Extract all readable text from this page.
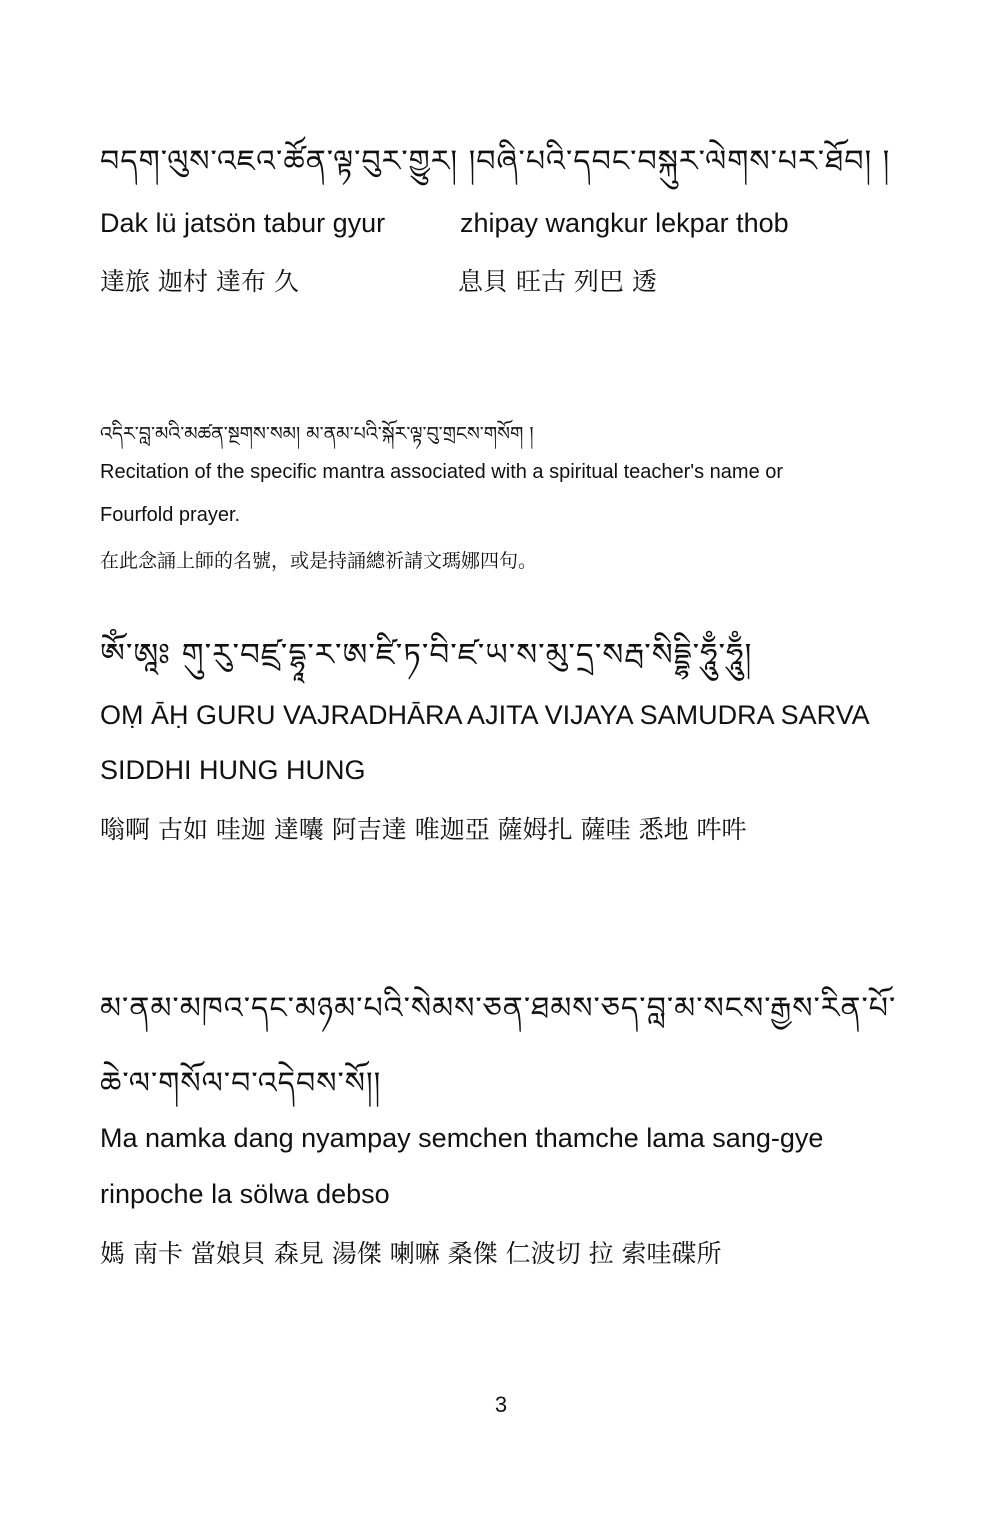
བདག་ལུས་འཇའ་ཚོན་ལྟ་བུར་གྱུར། །བཞི་པའི་དབང་བསྐུར་ལེགས་པར་ཐོབ། །

Dak lü jatsön tabur gyur	zhipay wangkur lekpar thob

達旅 迦村 達布 久	息貝 旺古 列巴 透

འདིར་བླ་མའི་མཚན་སྔགས་སམ། མ་ནམ་པའི་སྐོར་ལྟ་བུ་གྲངས་གསོག །

Recitation of the specific mantra associated with a spiritual teacher's name or

Fourfold prayer.

在此念誦上師的名號，或是持誦總祈請文瑪娜四句。

ཨོཾ་ཨཱཿ གུ་རུ་བཛྲ་དྷཱ་ར་ཨ་ཛི་ཏ་བི་ཛ་ཡ་ས་མུ་དྲ་སརྦ་སིདྡྷི་ཧཱུྃ་ཧཱུྃ།

OṂ ĀḤ GURU VAJRADHĀRA AJITA VIJAYA SAMUDRA SARVA

SIDDHI HUNG HUNG

嗡啊 古如 哇迦 達囔 阿吉達 唯迦亞 薩姆扎 薩哇 悉地 吽吽

མ་ནམ་མཁའ་དང་མཉམ་པའི་སེམས་ཅན་ཐམས་ཅད་བླ་མ་སངས་རྒྱས་རིན་པོ་

ཆེ་ལ་གསོལ་བ་འདེབས་སོ།།

Ma namka dang nyampay semchen thamche lama sang-gye

rinpoche la sölwa debso

媽 南卡 當娘貝 森見 湯傑 喇嘛 桑傑 仁波切 拉 索哇碟所

3
